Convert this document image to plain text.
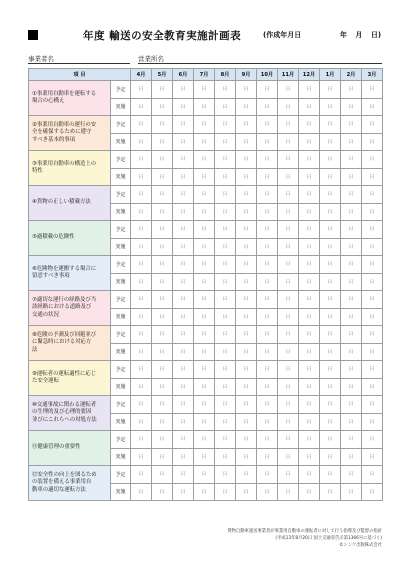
年度 輸送の安全教育実施計画表	(作成年月日	年 月 日)
事業者名	営業所名
項 目		4月	5月	6月	7月	8月	9月	10月	11月	12月	1月	2月	3月

①事業用自動車を運転する
場合の心構え	予定	日	日	日	日	日	日	日	日	日	日	日	日
	実施	日	日	日	日	日	日	日	日	日	日	日	日

②事業用自動車の運行の安
全を確保するために遵守
すべき基本的事項	予定	日	日	日	日	日	日	日	日	日	日	日	日
	実施	日	日	日	日	日	日	日	日	日	日	日	日

③事業用自動車の構造上の
特性	予定	日	日	日	日	日	日	日	日	日	日	日	日
	実施	日	日	日	日	日	日	日	日	日	日	日	日

④貨物の正しい積載方法	予定	日	日	日	日	日	日	日	日	日	日	日	日
	実施	日	日	日	日	日	日	日	日	日	日	日	日

⑤過積載の危険性	予定	日	日	日	日	日	日	日	日	日	日	日	日
	実施	日	日	日	日	日	日	日	日	日	日	日	日

⑥危険物を運搬する場合に
留意すべき事項	予定	日	日	日	日	日	日	日	日	日	日	日	日
	実施	日	日	日	日	日	日	日	日	日	日	日	日

⑦適切な運行の経路及び当
該経路における道路及び
交通の状況	予定	日	日	日	日	日	日	日	日	日	日	日	日
	実施	日	日	日	日	日	日	日	日	日	日	日	日

⑧危険の予測及び回避並び
に緊急時における対応方
法	予定	日	日	日	日	日	日	日	日	日	日	日	日
	実施	日	日	日	日	日	日	日	日	日	日	日	日

⑨運転者の運転適性に応じ
た安全運転	予定	日	日	日	日	日	日	日	日	日	日	日	日
	実施	日	日	日	日	日	日	日	日	日	日	日	日

⑩交通事故に関わる運転者
の生理的及び心理的要因
並びにこれらへの対処方法	予定	日	日	日	日	日	日	日	日	日	日	日	日
	実施	日	日	日	日	日	日	日	日	日	日	日	日

⑪健康管理の重要性	予定	日	日	日	日	日	日	日	日	日	日	日	日
	実施	日	日	日	日	日	日	日	日	日	日	日	日

⑫安全性の向上を図るため
の装置を備える事業用自
動車の適切な運転方法	予定	日	日	日	日	日	日	日	日	日	日	日	日
	実施	日	日	日	日	日	日	日	日	日	日	日	日
貨物自動車運送事業者が事業用自動車の運転者に対して行う指導及び監督の指針
(平成13年8月20日 国土交通省告示第1366号に基づく)
©シンク出版株式会社
